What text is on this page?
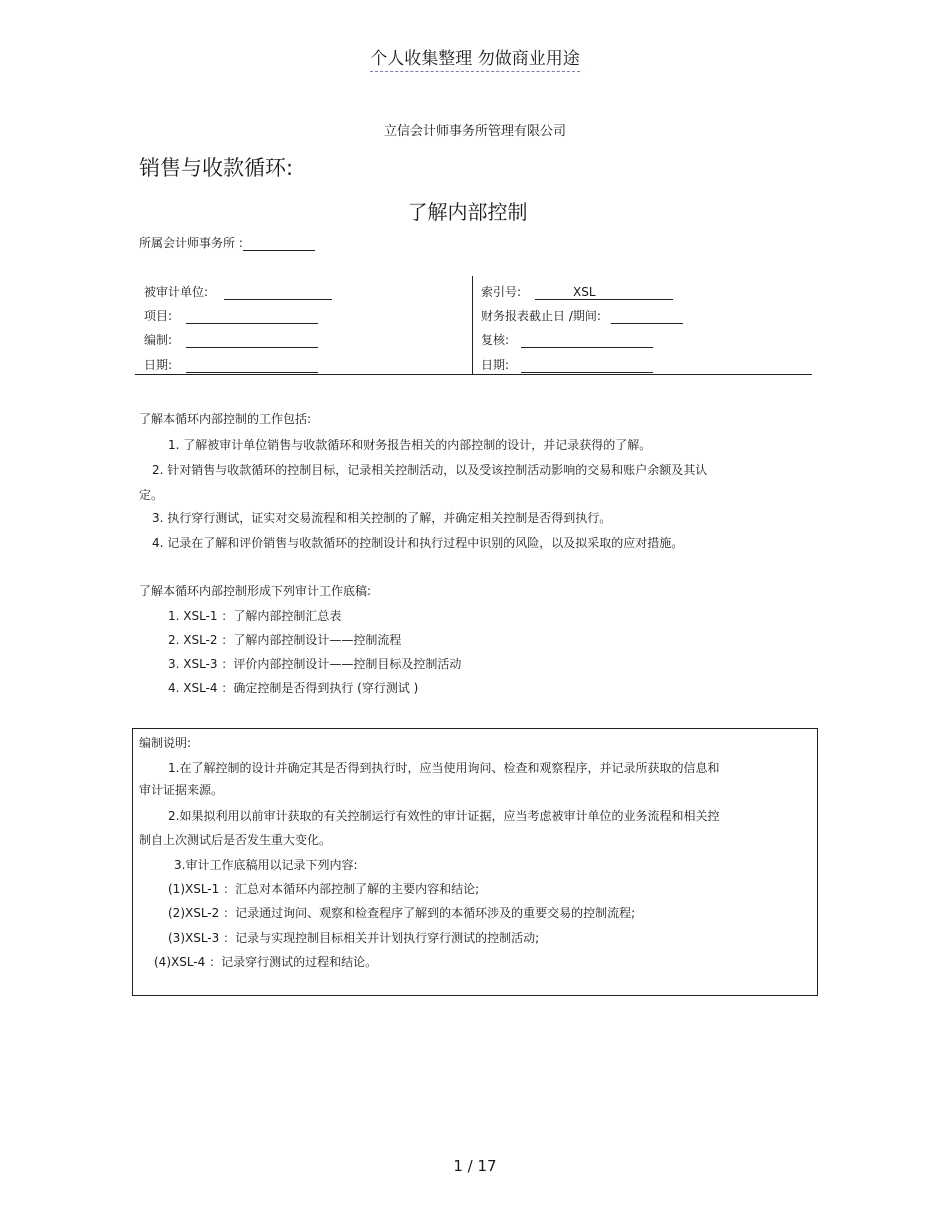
个人收集整理 勿做商业用途
立信会计师事务所管理有限公司
销售与收款循环:
了解内部控制
所属会计师事务所 :
被审计单位:
项目:
编制:
日期:
索引号:	XSL
财务报表截止日 /期间:
复核:
日期:
了解本循环内部控制的工作包括:
1. 了解被审计单位销售与收款循环和财务报告相关的内部控制的设计，并记录获得的了解。
2. 针对销售与收款循环的控制目标，记录相关控制活动，以及受该控制活动影响的交易和账户余额及其认
定。
3. 执行穿行测试，证实对交易流程和相关控制的了解，并确定相关控制是否得到执行。
4. 记录在了解和评价销售与收款循环的控制设计和执行过程中识别的风险，以及拟采取的应对措施。
了解本循环内部控制形成下列审计工作底稿:
1. XSL-1 ：了解内部控制汇总表
2. XSL-2 ：了解内部控制设计——控制流程
3. XSL-3 ：评价内部控制设计——控制目标及控制活动
4. XSL-4 ：确定控制是否得到执行 (穿行测试 )
编制说明:
1.在了解控制的设计并确定其是否得到执行时，应当使用询问、检查和观察程序，并记录所获取的信息和
审计证据来源。
2.如果拟利用以前审计获取的有关控制运行有效性的审计证据，应当考虑被审计单位的业务流程和相关控
制自上次测试后是否发生重大变化。
3.审计工作底稿用以记录下列内容:
(1)XSL-1 ：汇总对本循环内部控制了解的主要内容和结论;
(2)XSL-2 ：记录通过询问、观察和检查程序了解到的本循环涉及的重要交易的控制流程;
(3)XSL-3 ：记录与实现控制目标相关并计划执行穿行测试的控制活动;
(4)XSL-4 ：记录穿行测试的过程和结论。
1 / 17
